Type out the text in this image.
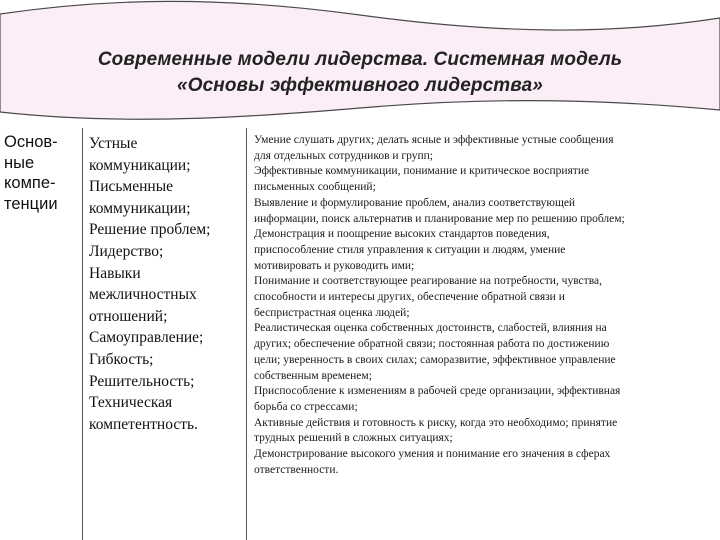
Современные модели лидерства. Системная модель
«Основы эффективного лидерства»
Основ-
ные
компе-
тенции
Устные
коммуникации;
Письменные
коммуникации;
Решение проблем;
Лидерство;
Навыки
межличностных
отношений;
Самоуправление;
Гибкость;
Решительность;
Техническая
компетентность.
Умение слушать других; делать ясные и эффективные устные сообщения
для отдельных сотрудников и групп;
Эффективные коммуникации, понимание и критическое восприятие
письменных сообщений;
Выявление и формулирование проблем, анализ соответствующей
информации, поиск альтернатив и планирование мер по решению проблем;
Демонстрация и поощрение высоких стандартов поведения,
приспособление стиля управления к ситуации и людям, умение
мотивировать и руководить ими;
Понимание и соответствующее реагирование на потребности, чувства,
способности и интересы других, обеспечение обратной связи и
беспристрастная оценка людей;
Реалистическая оценка собственных достоинств, слабостей, влияния на
других; обеспечение обратной связи; постоянная работа по достижению
цели; уверенность в своих силах; саморазвитие, эффективное управление
собственным временем;
Приспособление к изменениям в рабочей среде организации, эффективная
борьба со стрессами;
Активные действия и готовность к риску, когда это необходимо; принятие
трудных решений в сложных ситуациях;
Демонстрирование высокого умения и понимание его значения в сферах
ответственности.
